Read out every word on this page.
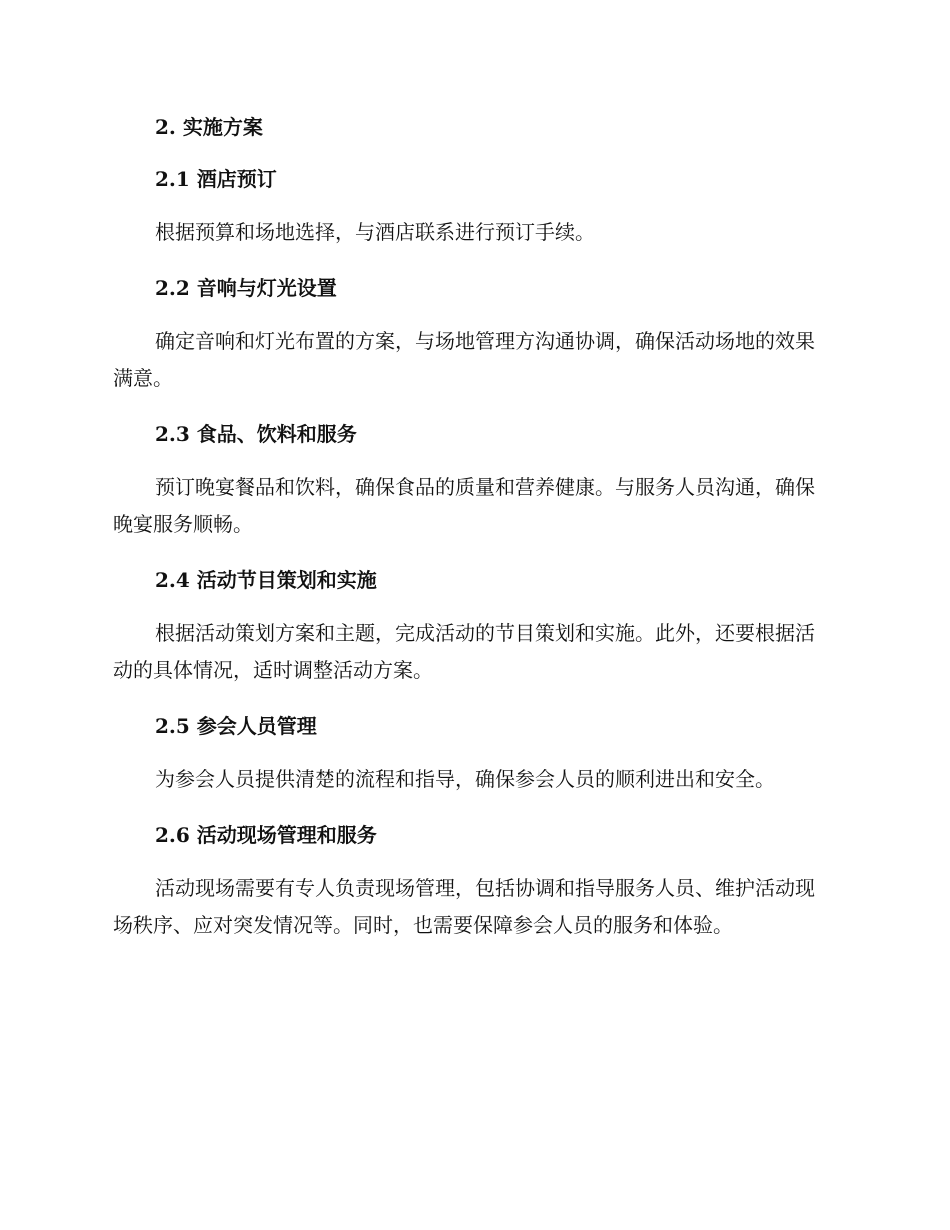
2. 实施方案
2.1 酒店预订

根据预算和场地选择，与酒店联系进行预订手续。

2.2 音响与灯光设置

确定音响和灯光布置的方案，与场地管理方沟通协调，确保活动场地的效果满意。

2.3 食品、饮料和服务

预订晚宴餐品和饮料，确保食品的质量和营养健康。与服务人员沟通，确保晚宴服务顺畅。

2.4 活动节目策划和实施

根据活动策划方案和主题，完成活动的节目策划和实施。此外，还要根据活动的具体情况，适时调整活动方案。

2.5 参会人员管理

为参会人员提供清楚的流程和指导，确保参会人员的顺利进出和安全。

2.6 活动现场管理和服务

活动现场需要有专人负责现场管理，包括协调和指导服务人员、维护活动现场秩序、应对突发情况等。同时，也需要保障参会人员的服务和体验。
